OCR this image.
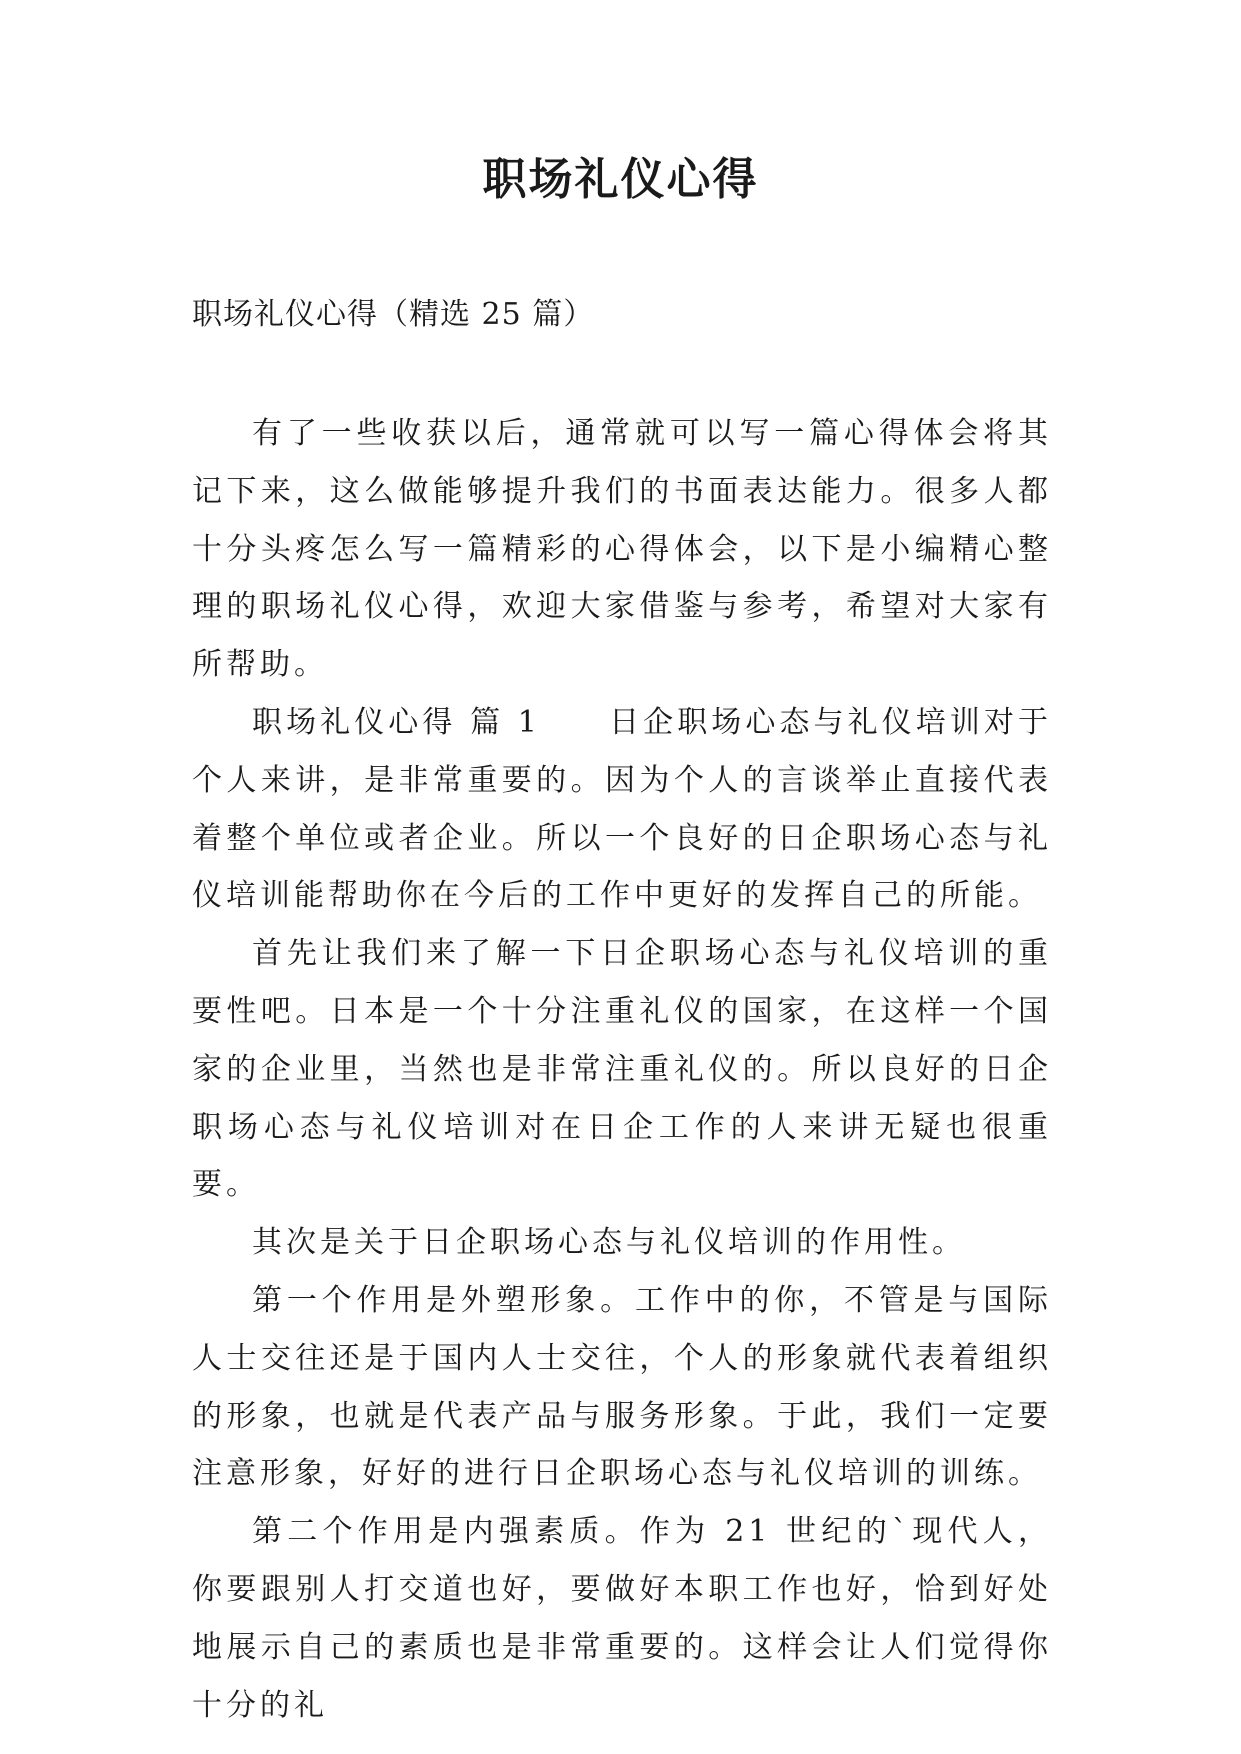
职场礼仪心得
职场礼仪心得（精选 25 篇）

有了一些收获以后，通常就可以写一篇心得体会将其记下来，这么做能够提升我们的书面表达能力。很多人都十分头疼怎么写一篇精彩的心得体会，以下是小编精心整理的职场礼仪心得，欢迎大家借鉴与参考，希望对大家有所帮助。

职场礼仪心得 篇 1　　日企职场心态与礼仪培训对于个人来讲，是非常重要的。因为个人的言谈举止直接代表着整个单位或者企业。所以一个良好的日企职场心态与礼仪培训能帮助你在今后的工作中更好的发挥自己的所能。

首先让我们来了解一下日企职场心态与礼仪培训的重要性吧。日本是一个十分注重礼仪的国家，在这样一个国家的企业里，当然也是非常注重礼仪的。所以良好的日企职场心态与礼仪培训对在日企工作的人来讲无疑也很重要。

其次是关于日企职场心态与礼仪培训的作用性。

第一个作用是外塑形象。工作中的你，不管是与国际人士交往还是于国内人士交往，个人的形象就代表着组织的形象，也就是代表产品与服务形象。于此，我们一定要注意形象，好好的进行日企职场心态与礼仪培训的训练。

第二个作用是内强素质。作为 21 世纪的`现代人，你要跟别人打交道也好，要做好本职工作也好，恰到好处地展示自己的素质也是非常重要的。这样会让人们觉得你十分的礼
